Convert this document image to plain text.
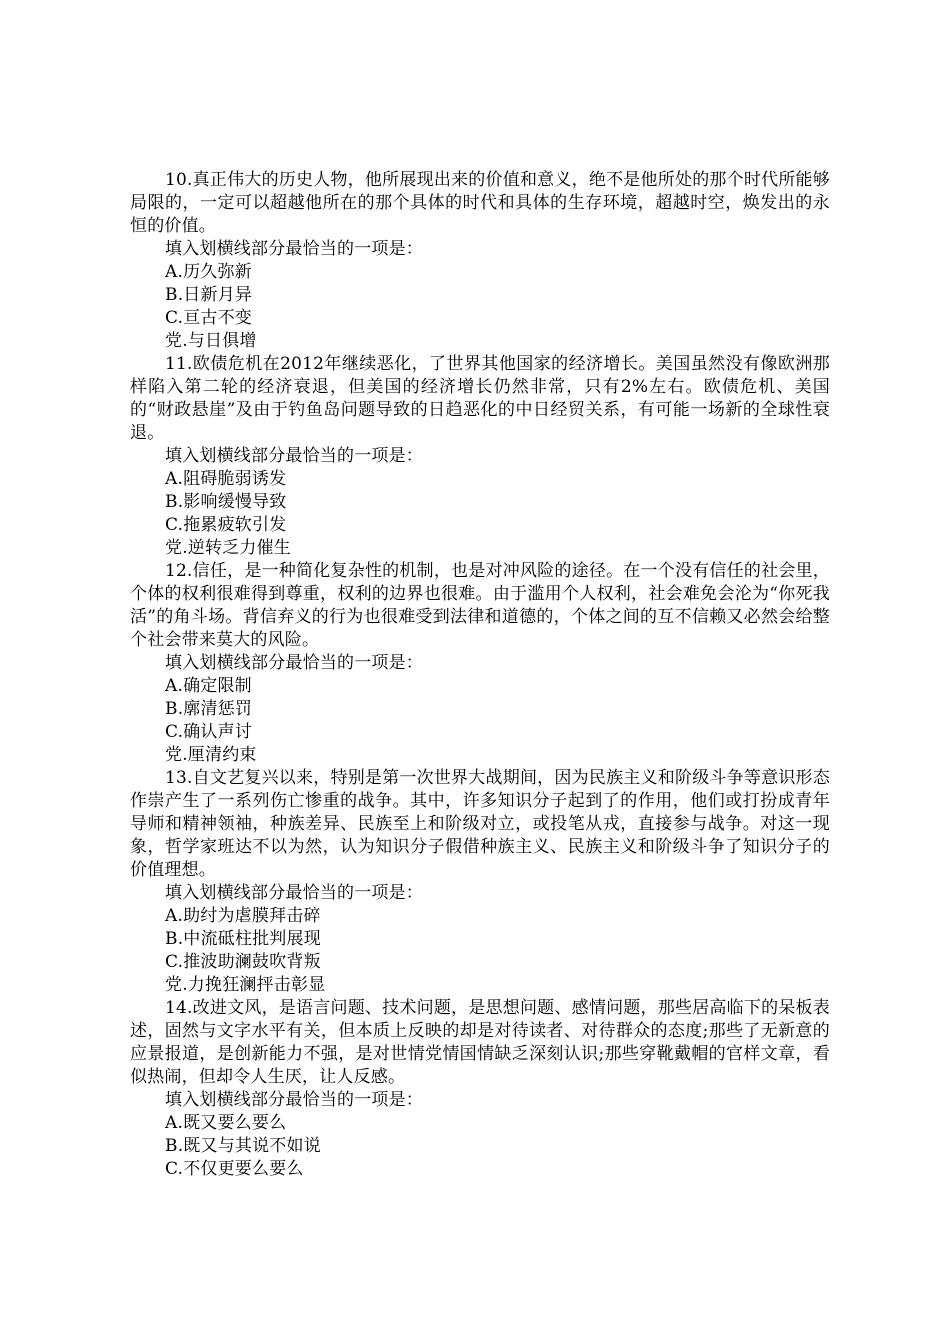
10.真正伟大的历史人物，他所展现出来的价值和意义，绝不是他所处的那个时代所能够局限的，一定可以超越他所在的那个具体的时代和具体的生存环境，超越时空，焕发出的永恒的价值。

填入划横线部分最恰当的一项是：

A.历久弥新

B.日新月异

C.亘古不变

党.与日俱增

11.欧债危机在2012年继续恶化，了世界其他国家的经济增长。美国虽然没有像欧洲那样陷入第二轮的经济衰退，但美国的经济增长仍然非常，只有2%左右。欧债危机、美国的“财政悬崖”及由于钓鱼岛问题导致的日趋恶化的中日经贸关系，有可能一场新的全球性衰退。

填入划横线部分最恰当的一项是：

A.阻碍脆弱诱发

B.影响缓慢导致

C.拖累疲软引发

党.逆转乏力催生

12.信任，是一种简化复杂性的机制，也是对冲风险的途径。在一个没有信任的社会里，个体的权利很难得到尊重，权利的边界也很难。由于滥用个人权利，社会难免会沦为“你死我活”的角斗场。背信弃义的行为也很难受到法律和道德的，个体之间的互不信赖又必然会给整个社会带来莫大的风险。

填入划横线部分最恰当的一项是：

A.确定限制

B.廓清惩罚

C.确认声讨

党.厘清约束

13.自文艺复兴以来，特别是第一次世界大战期间，因为民族主义和阶级斗争等意识形态作崇产生了一系列伤亡惨重的战争。其中，许多知识分子起到了的作用，他们或打扮成青年导师和精神领袖，种族差异、民族至上和阶级对立，或投笔从戎，直接参与战争。对这一现象，哲学家班达不以为然，认为知识分子假借种族主义、民族主义和阶级斗争了知识分子的价值理想。

填入划横线部分最恰当的一项是：

A.助纣为虐膜拜击碎

B.中流砥柱批判展现

C.推波助澜鼓吹背叛

党.力挽狂澜抨击彰显

14.改进文风，是语言问题、技术问题，是思想问题、感情问题，那些居高临下的呆板表述，固然与文字水平有关，但本质上反映的却是对待读者、对待群众的态度;那些了无新意的应景报道，是创新能力不强，是对世情党情国情缺乏深刻认识;那些穿靴戴帽的官样文章，看似热闹，但却令人生厌，让人反感。

填入划横线部分最恰当的一项是：

A.既又要么要么

B.既又与其说不如说

C.不仅更要么要么
